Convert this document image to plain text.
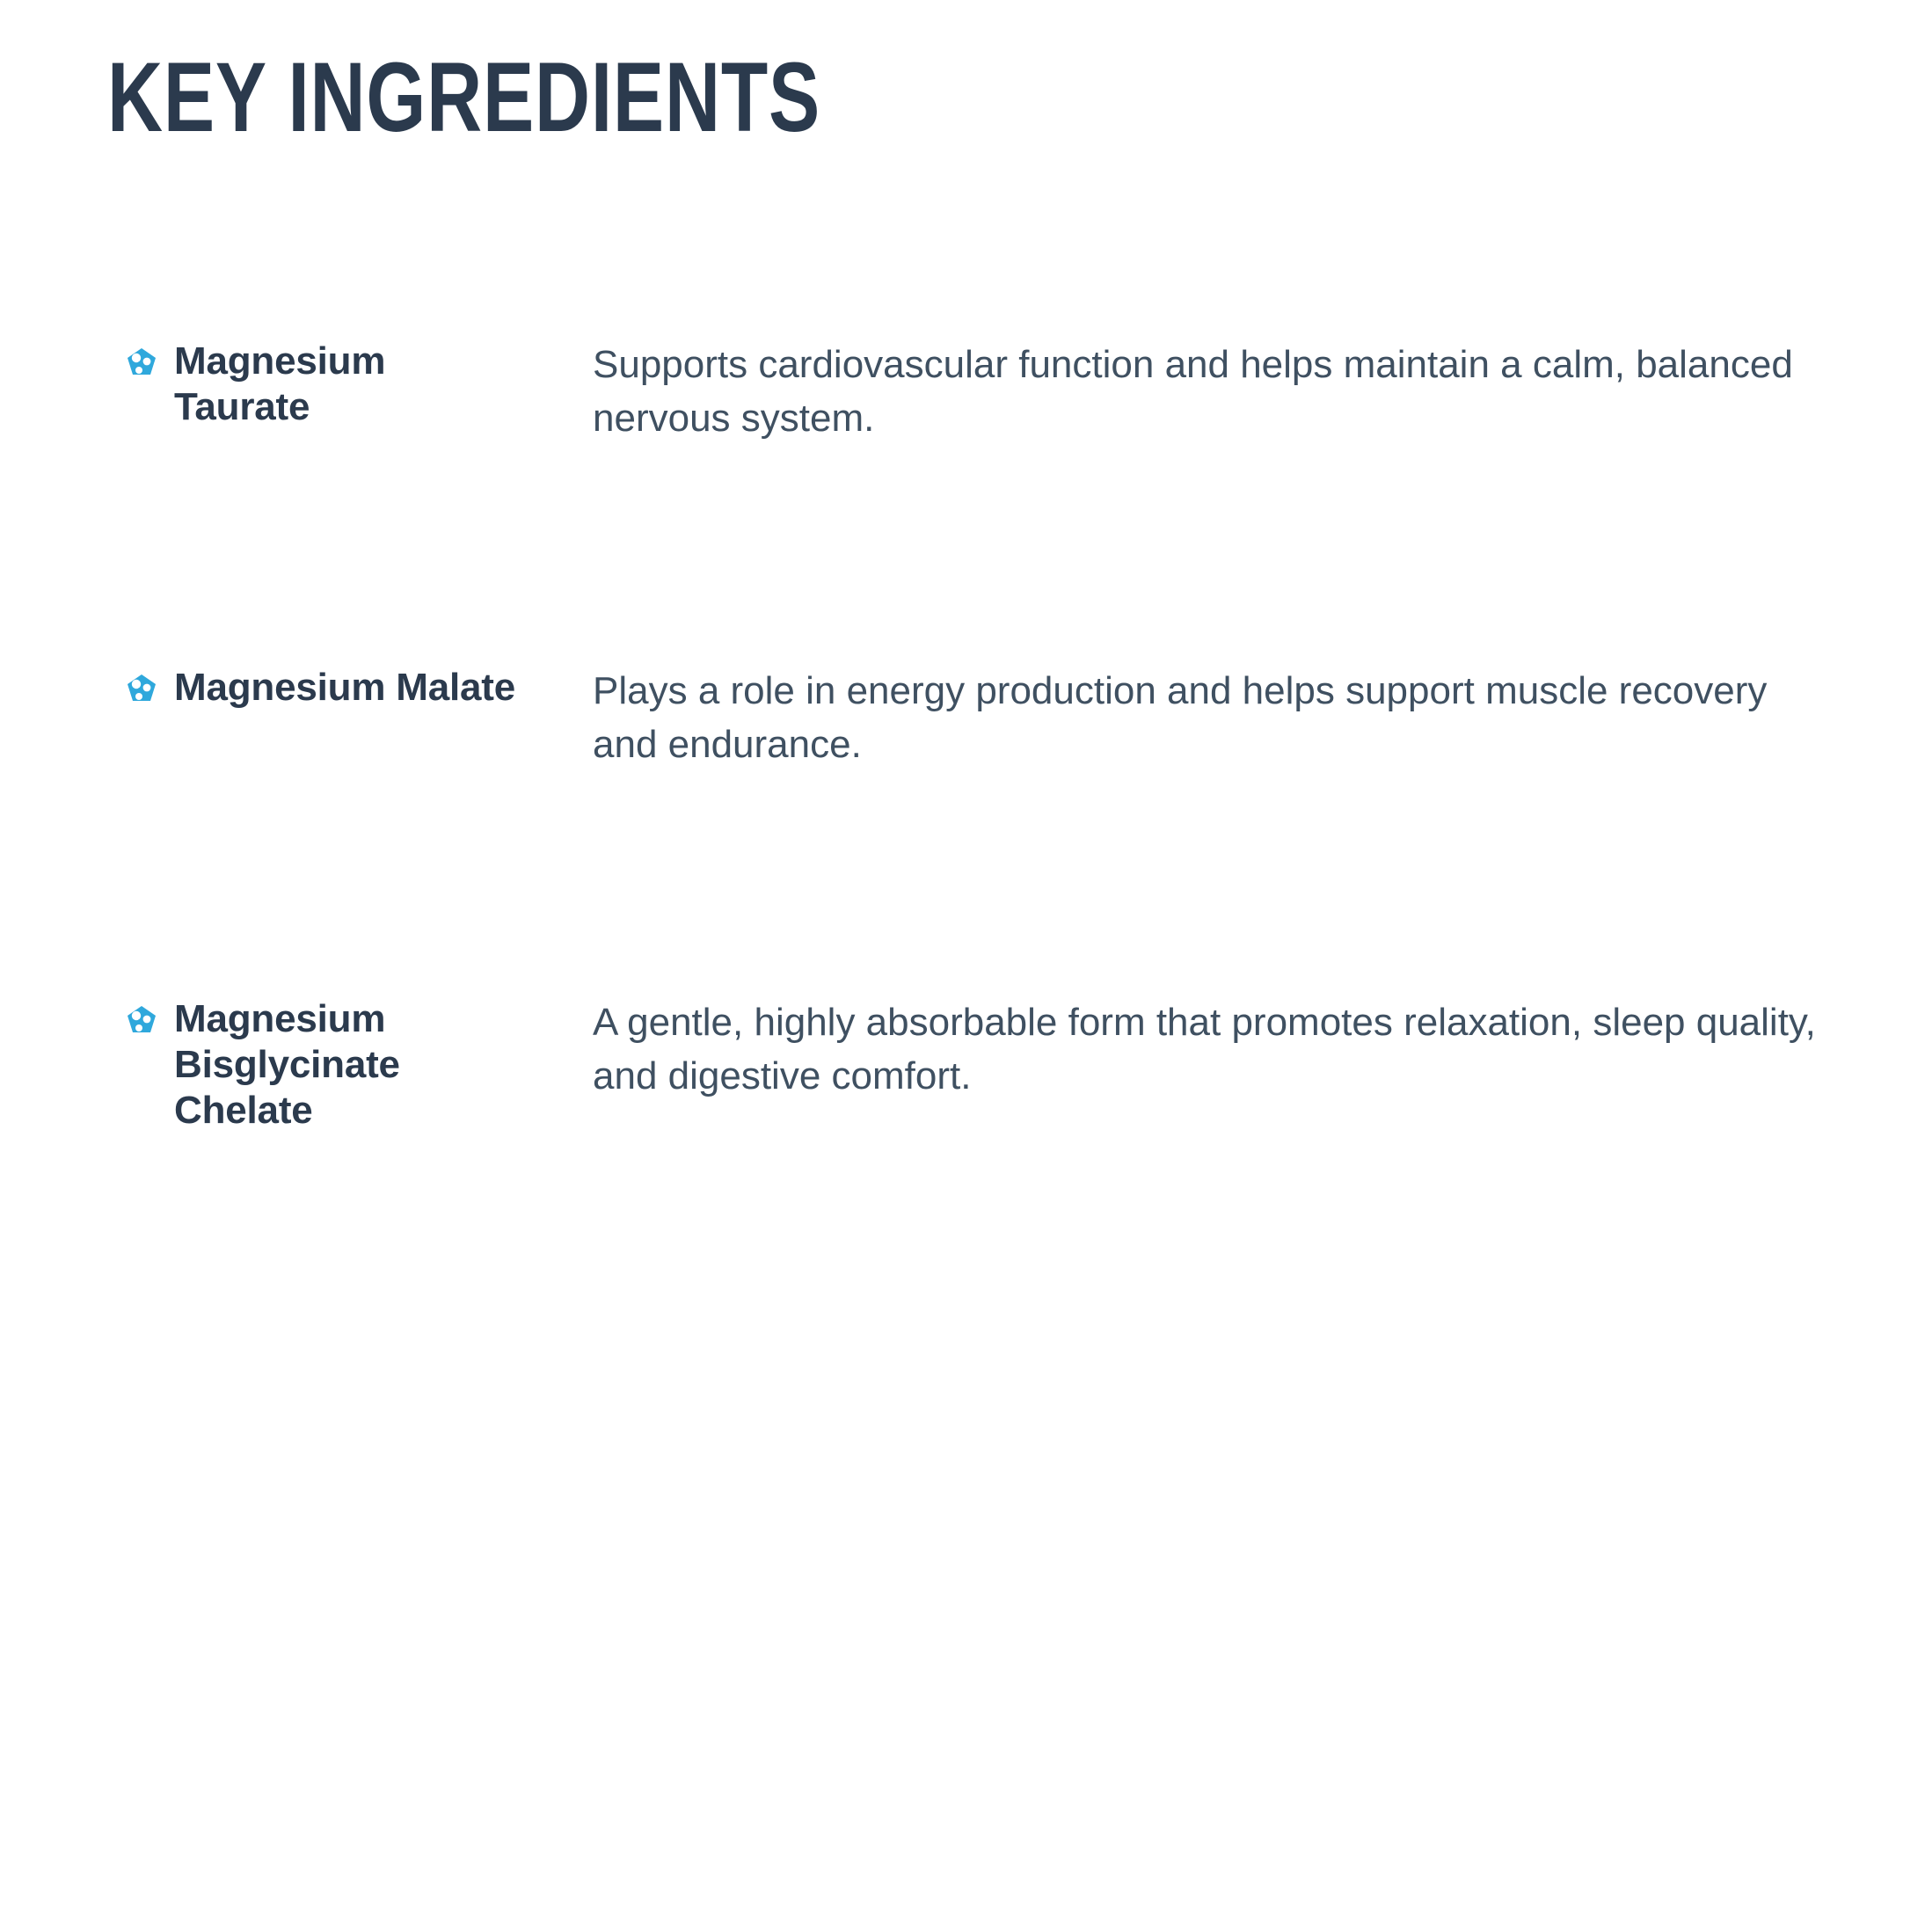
KEY INGREDIENTS
Magnesium Taurate
Supports cardiovascular function and helps maintain a calm, balanced nervous system.
Magnesium Malate	Plays a role in energy production and helps support muscle recovery and endurance.
Magnesium Bisglycinate Chelate
A gentle, highly absorbable form that promotes relaxation, sleep quality, and digestive comfort.
